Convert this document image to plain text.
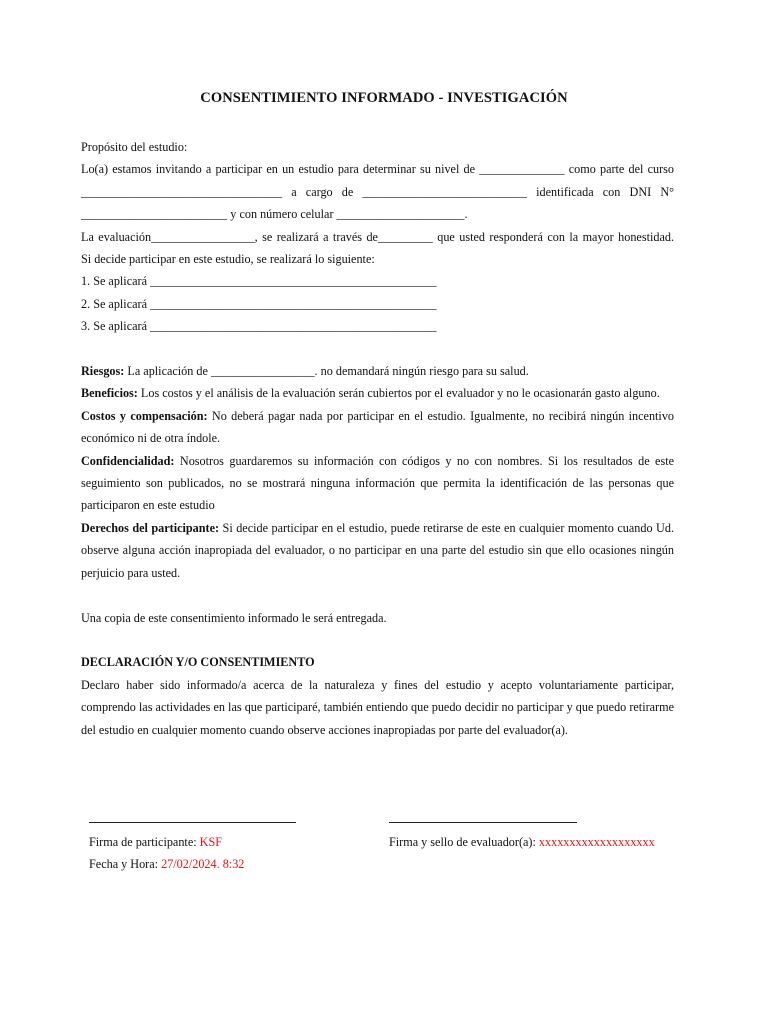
CONSENTIMIENTO INFORMADO - INVESTIGACIÓN

Propósito del estudio:

Lo(a) estamos invitando a participar en un estudio para determinar su nivel de ______________ como parte del curso

_________________________________ a cargo de ___________________________ identificada con DNI N°

________________________ y con número celular _____________________.

La evaluación_________________, se realizará a través de_________ que usted responderá con la mayor honestidad.

Si decide participar en este estudio, se realizará lo siguiente:

1. Se aplicará _______________________________________________

2. Se aplicará _______________________________________________

3. Se aplicará _______________________________________________

Riesgos: La aplicación de _________________. no demandará ningún riesgo para su salud.

Beneficios: Los costos y el análisis de la evaluación serán cubiertos por el evaluador y no le ocasionarán gasto alguno.

Costos y compensación: No deberá pagar nada por participar en el estudio. Igualmente, no recibirá ningún incentivo económico ni de otra índole.

Confidencialidad: Nosotros guardaremos su información con códigos y no con nombres. Si los resultados de este seguimiento son publicados, no se mostrará ninguna información que permita la identificación de las personas que participaron en este estudio

Derechos del participante: Si decide participar en el estudio, puede retirarse de este en cualquier momento cuando Ud. observe alguna acción inapropiada del evaluador, o no participar en una parte del estudio sin que ello ocasiones ningún perjuicio para usted.

Una copia de este consentimiento informado le será entregada.

DECLARACIÓN Y/O CONSENTIMIENTO

Declaro haber sido informado/a acerca de la naturaleza y fines del estudio y acepto voluntariamente participar, comprendo las actividades en las que participaré, también entiendo que puedo decidir no participar y que puedo retirarme del estudio en cualquier momento cuando observe acciones inapropiadas por parte del evaluador(a).

Firma de participante: KSF
Fecha y Hora: 27/02/2024. 8:32
Firma y sello de evaluador(a): xxxxxxxxxxxxxxxxxxx
